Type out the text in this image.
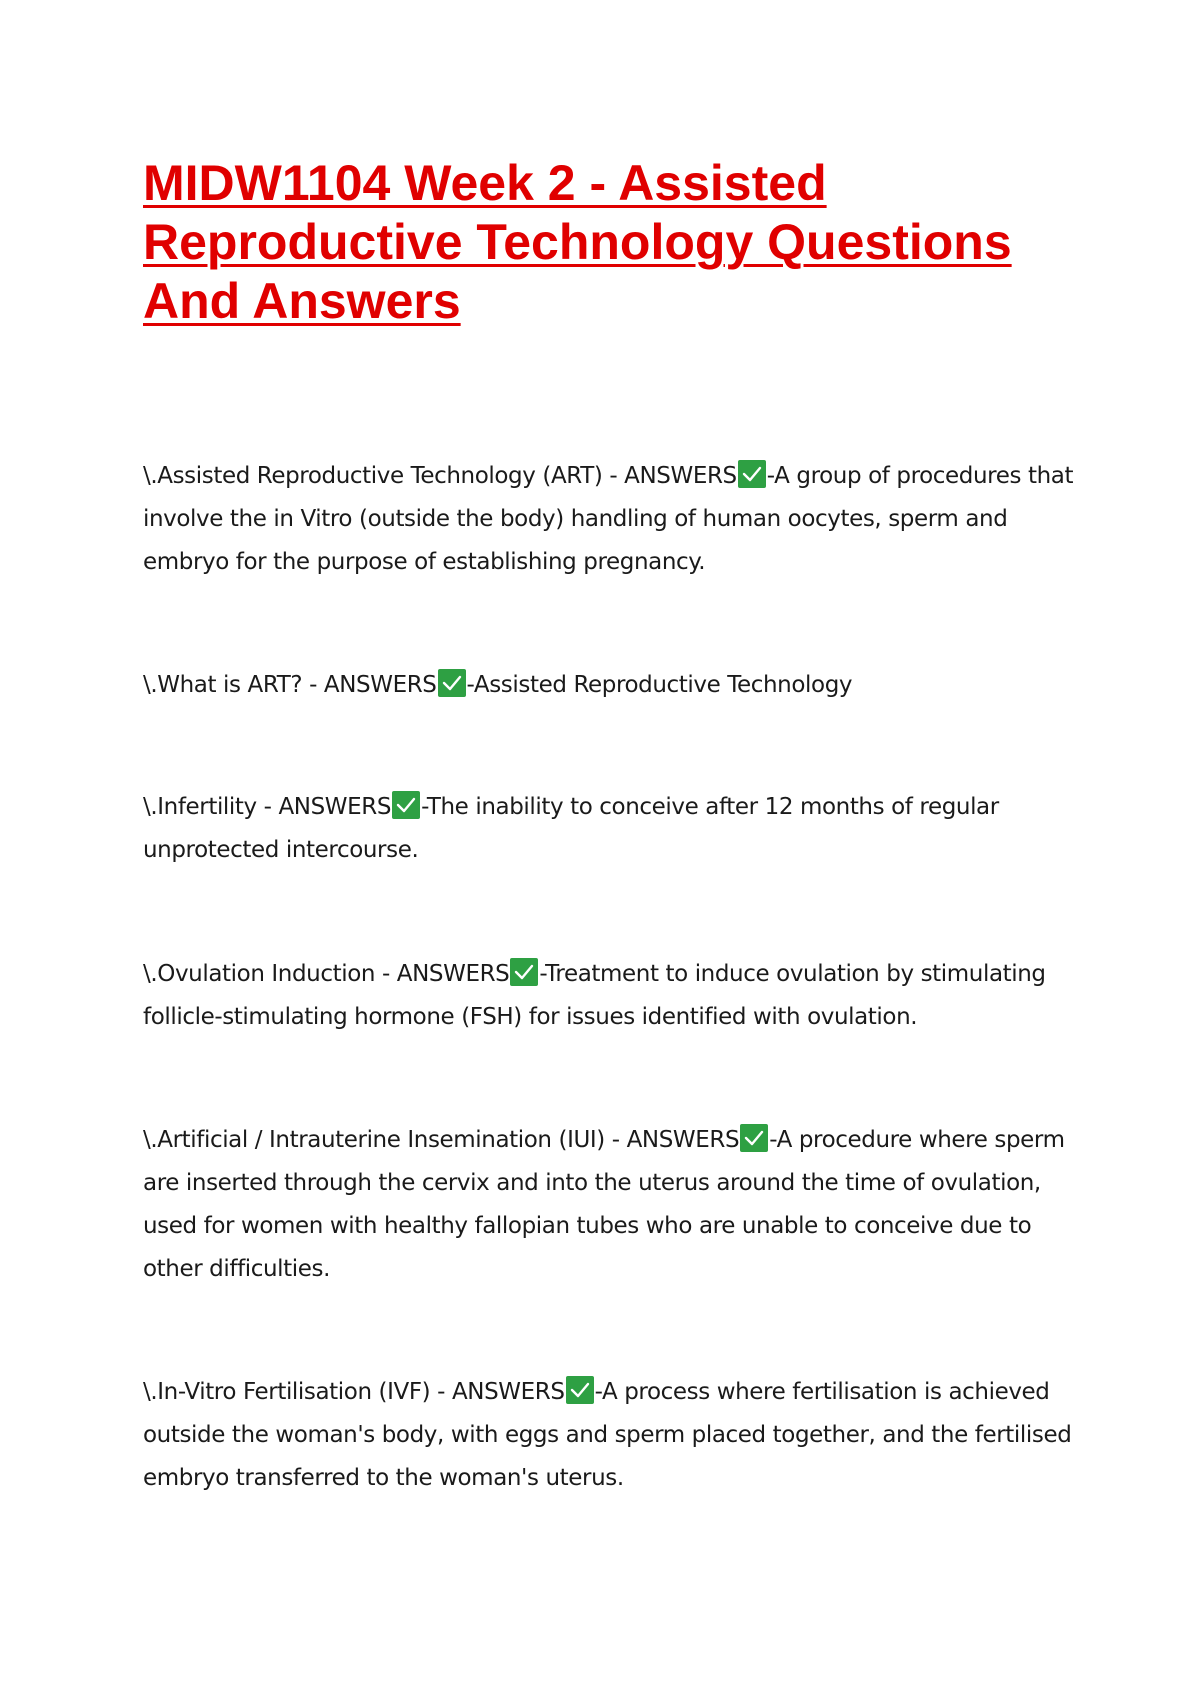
MIDW1104 Week 2 - Assisted Reproductive Technology Questions And Answers

\.Assisted Reproductive Technology (ART) - ANSWERS -A group of procedures that involve the in Vitro (outside the body) handling of human oocytes, sperm and embryo for the purpose of establishing pregnancy.

\.What is ART? - ANSWERS -Assisted Reproductive Technology

\.Infertility - ANSWERS -The inability to conceive after 12 months of regular unprotected intercourse.

\.Ovulation Induction - ANSWERS -Treatment to induce ovulation by stimulating follicle-stimulating hormone (FSH) for issues identified with ovulation.

\.Artificial / Intrauterine Insemination (IUI) - ANSWERS -A procedure where sperm are inserted through the cervix and into the uterus around the time of ovulation, used for women with healthy fallopian tubes who are unable to conceive due to other difficulties.

\.In-Vitro Fertilisation (IVF) - ANSWERS -A process where fertilisation is achieved outside the woman's body, with eggs and sperm placed together, and the fertilised embryo transferred to the woman's uterus.
